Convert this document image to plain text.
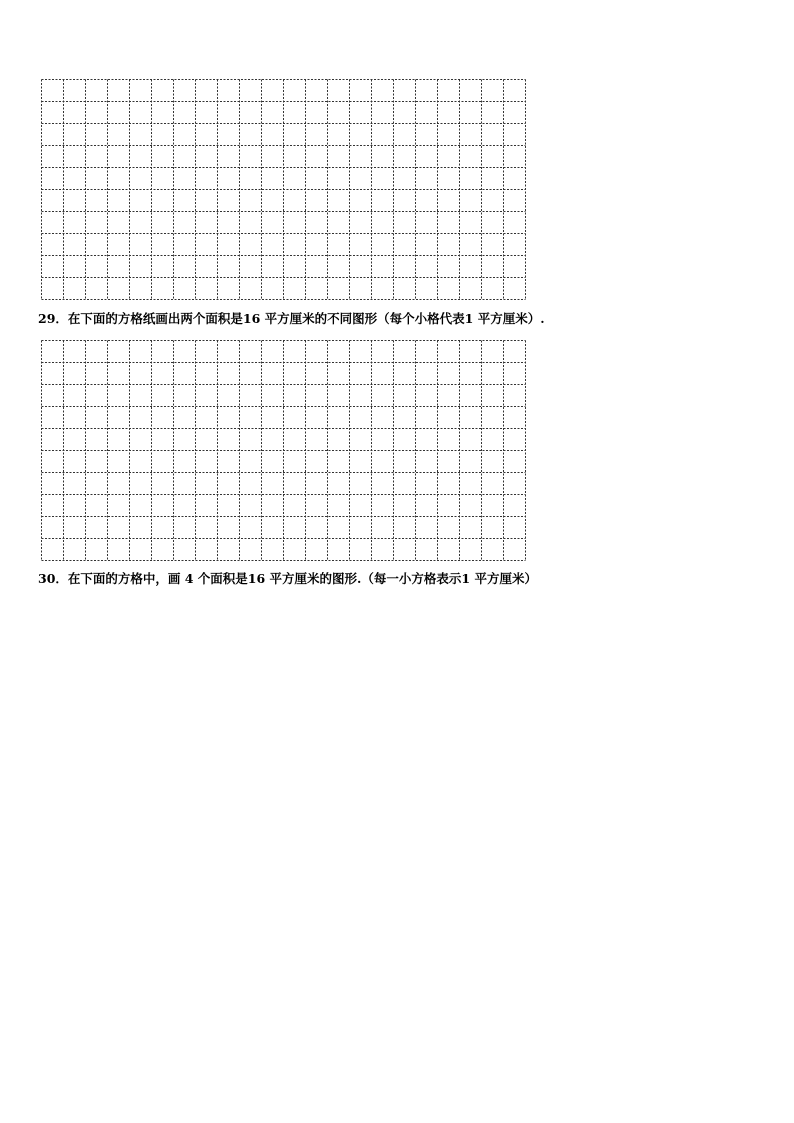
29．在下面的方格纸画出两个面积是16 平方厘米的不同图形（每个小格代表1 平方厘米）.
30．在下面的方格中，画 4 个面积是16 平方厘米的图形.（每一小方格表示1 平方厘米）
